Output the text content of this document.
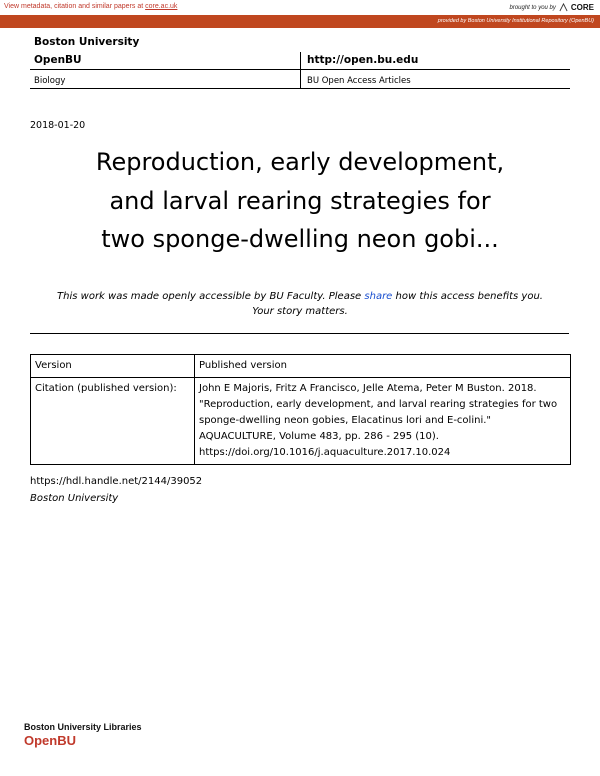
View metadata, citation and similar papers at core.ac.uk	brought to you by CORE
provided by Boston University Institutional Repository (OpenBU)
Boston University
OpenBU	http://open.bu.edu
Biology	BU Open Access Articles
2018-01-20
Reproduction, early development,
and larval rearing strategies for
two sponge-dwelling neon gobi...
This work was made openly accessible by BU Faculty. Please share how this access benefits you.
Your story matters.
Version	Published version
Citation (published version):	John E Majoris, Fritz A Francisco, Jelle Atema, Peter M Buston. 2018. "Reproduction, early development, and larval rearing strategies for two sponge-dwelling neon gobies, Elacatinus lori and E-colini." AQUACULTURE, Volume 483, pp. 286 - 295 (10). https://doi.org/10.1016/j.aquaculture.2017.10.024
https://hdl.handle.net/2144/39052
Boston University
Boston University Libraries
OpenBU
